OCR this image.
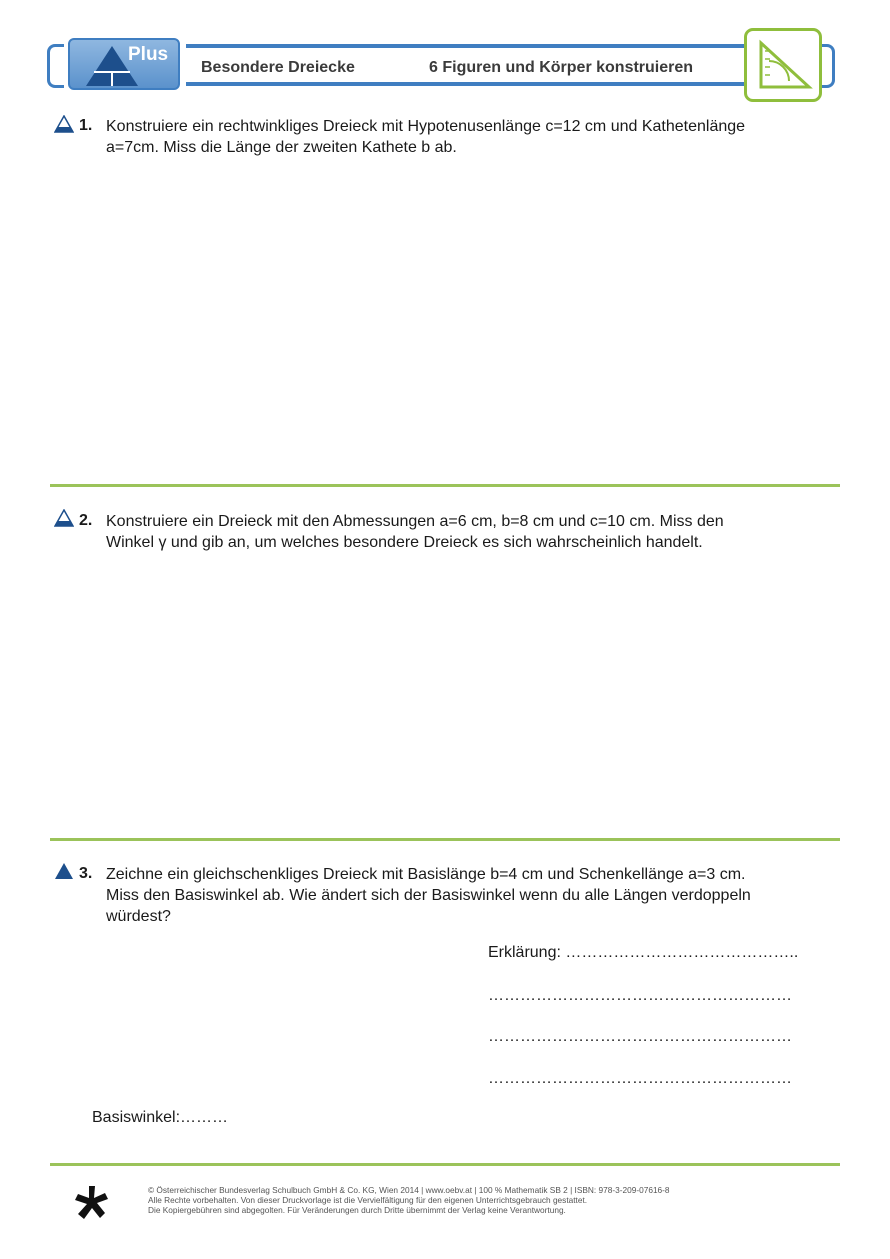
Plus
Besondere Dreiecke	6 Figuren und Körper konstruieren
1. Konstruiere ein rechtwinkliges Dreieck mit Hypotenusenlänge c=12 cm und Kathetenlänge
a=7cm. Miss die Länge der zweiten Kathete b ab.
2. Konstruiere ein Dreieck mit den Abmessungen a=6 cm, b=8 cm und c=10 cm. Miss den
Winkel γ und gib an, um welches besondere Dreieck es sich wahrscheinlich handelt.
3. Zeichne ein gleichschenkliges Dreieck mit Basislänge b=4 cm und Schenkellänge a=3 cm.
Miss den Basiswinkel ab. Wie ändert sich der Basiswinkel wenn du alle Längen verdoppeln
würdest?
Erklärung: ……………………………………..
…………………………………………………
…………………………………………………
…………………………………………………
Basiswinkel:………
© Österreichischer Bundesverlag Schulbuch GmbH & Co. KG, Wien 2014 | www.oebv.at | 100 % Mathematik SB 2 | ISBN: 978-3-209-07616-8
Alle Rechte vorbehalten. Von dieser Druckvorlage ist die Vervielfältigung für den eigenen Unterrichtsgebrauch gestattet.
Die Kopiergebühren sind abgegolten. Für Veränderungen durch Dritte übernimmt der Verlag keine Verantwortung.
